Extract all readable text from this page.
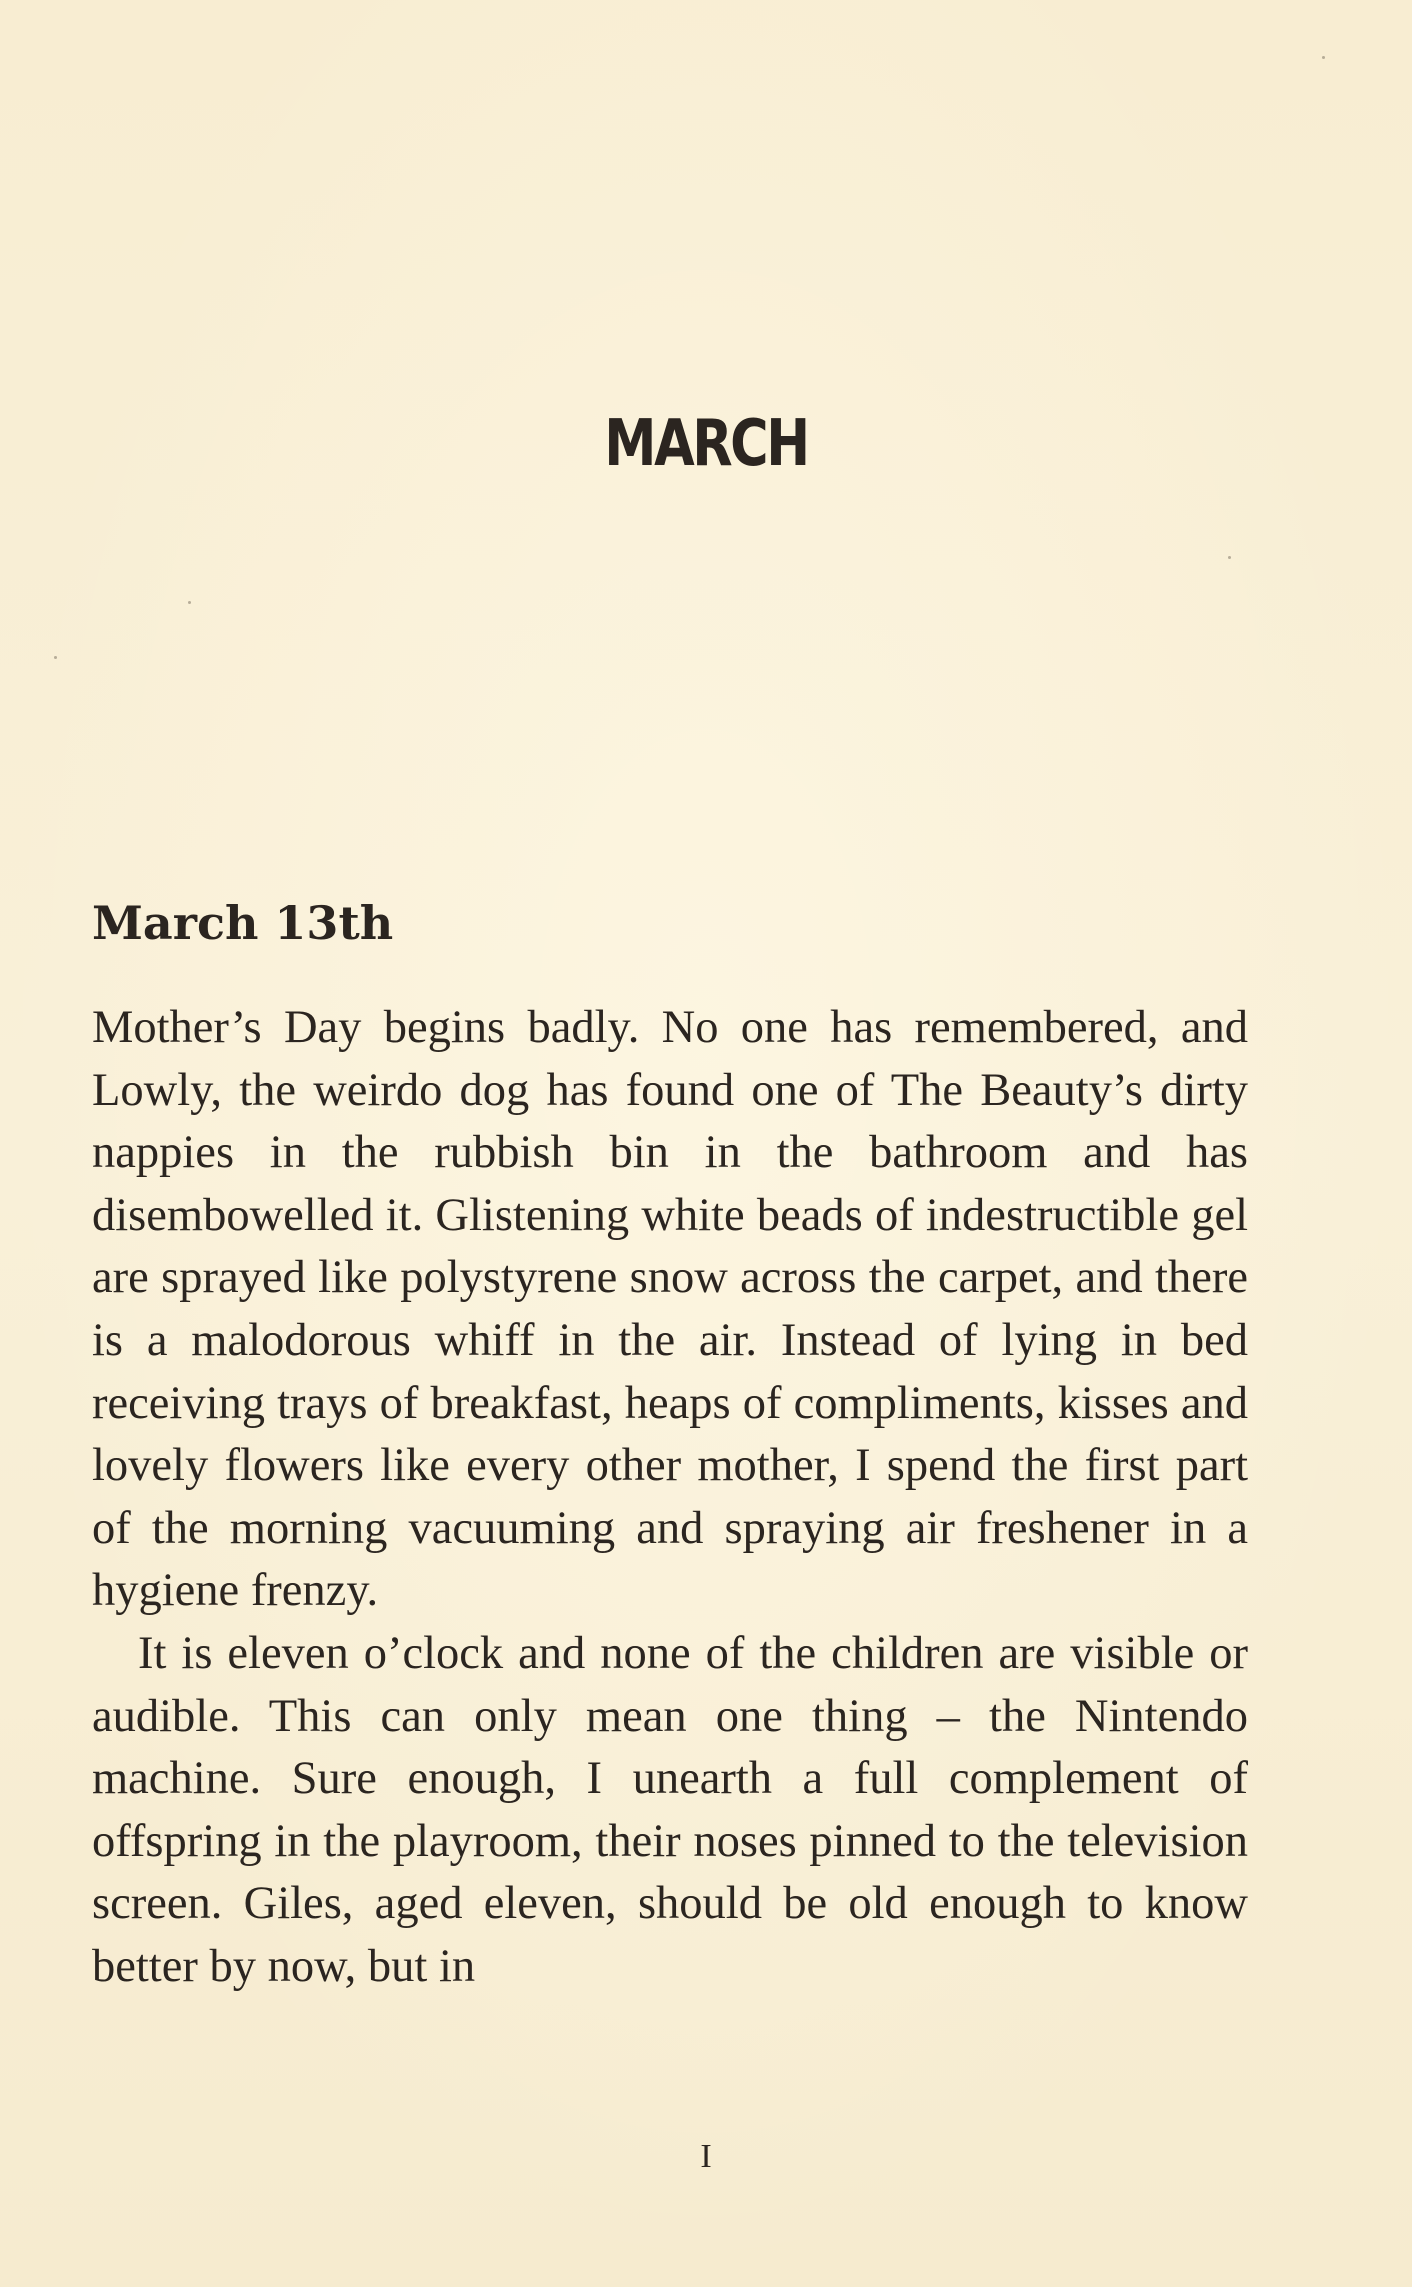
MARCH
March 13th

Mother’s Day begins badly. No one has remembered, and Lowly, the weirdo dog has found one of The Beauty’s dirty nappies in the rubbish bin in the bathroom and has disembowelled it. Glistening white beads of indestructible gel are sprayed like polystyrene snow across the carpet, and there is a malodorous whiff in the air. Instead of lying in bed receiving trays of breakfast, heaps of compliments, kisses and lovely flowers like every other mother, I spend the first part of the morning vacuuming and spraying air freshener in a hygiene frenzy.

It is eleven o’clock and none of the children are visible or audible. This can only mean one thing – the Nintendo machine. Sure enough, I unearth a full complement of offspring in the playroom, their noses pinned to the television screen. Giles, aged eleven, should be old enough to know better by now, but in

I
